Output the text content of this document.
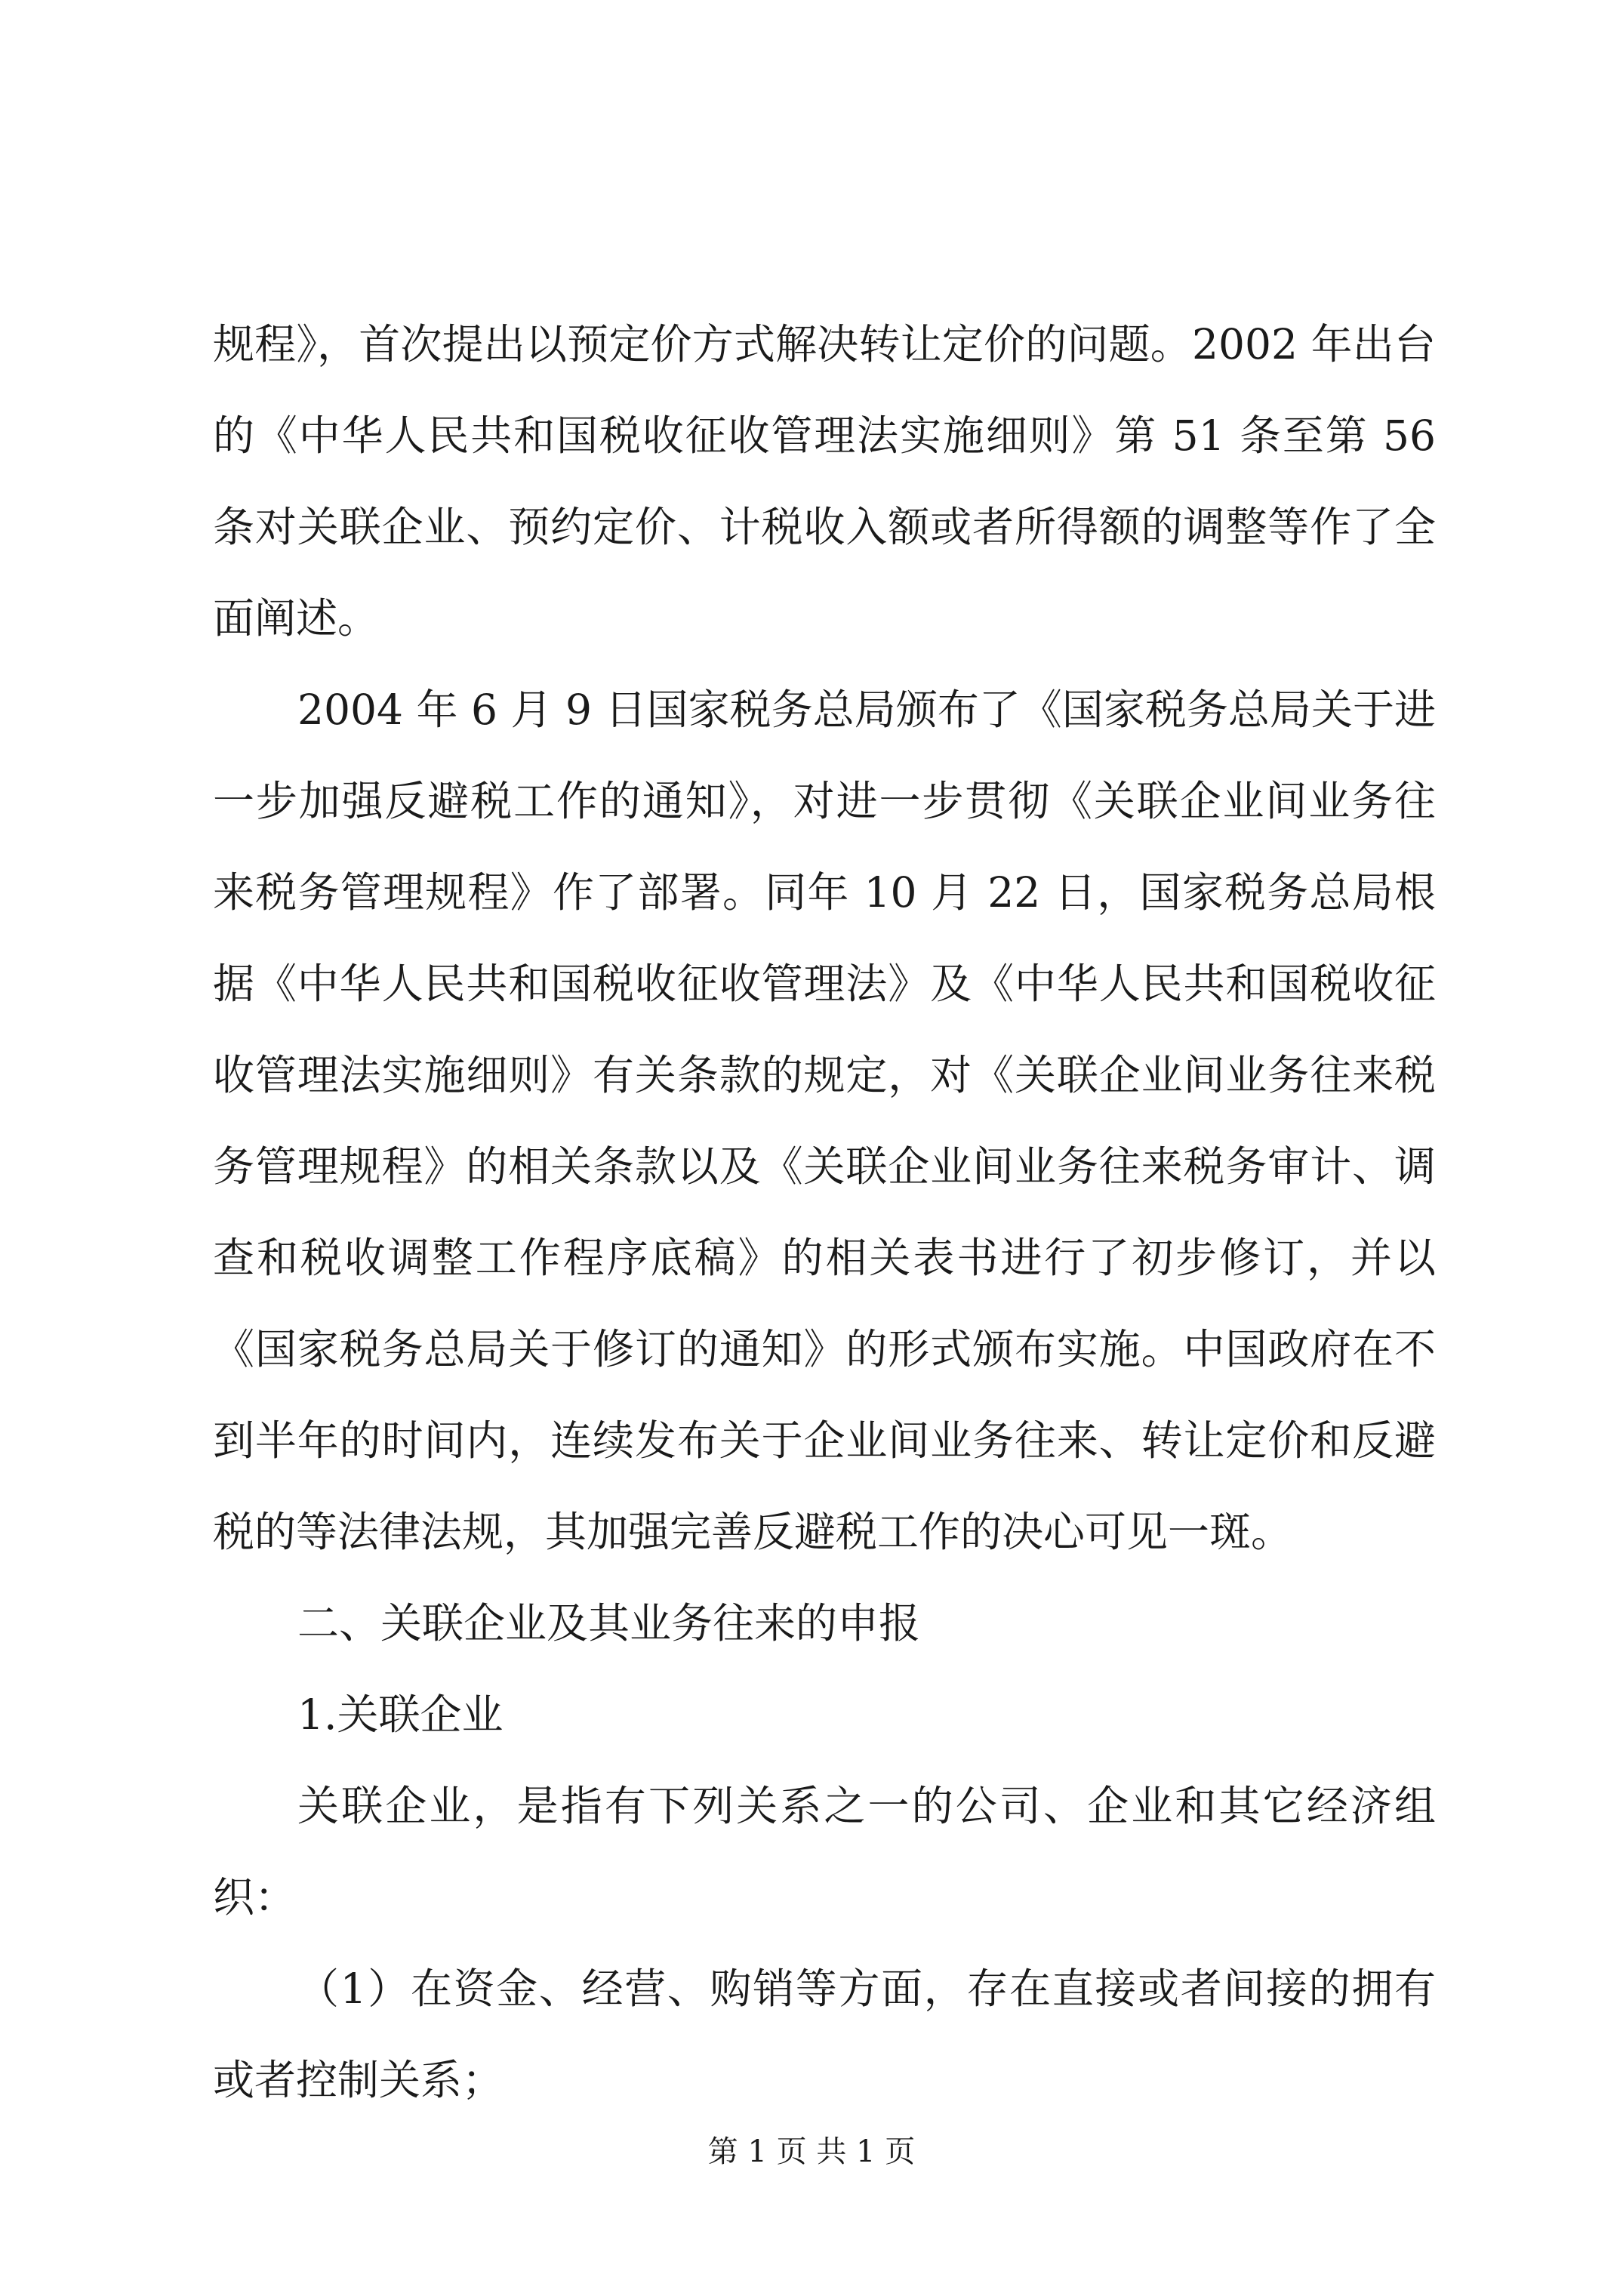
规程》，首次提出以预定价方式解决转让定价的问题。2002 年出台的《中华人民共和国税收征收管理法实施细则》第 51 条至第 56 条对关联企业、预约定价、计税收入额或者所得额的调整等作了全面阐述。

2004 年 6 月 9 日国家税务总局颁布了《国家税务总局关于进一步加强反避税工作的通知》，对进一步贯彻《关联企业间业务往来税务管理规程》作了部署。同年 10 月 22 日，国家税务总局根据《中华人民共和国税收征收管理法》及《中华人民共和国税收征收管理法实施细则》有关条款的规定，对《关联企业间业务往来税务管理规程》的相关条款以及《关联企业间业务往来税务审计、调查和税收调整工作程序底稿》的相关表书进行了初步修订，并以《国家税务总局关于修订的通知》的形式颁布实施。中国政府在不到半年的时间内，连续发布关于企业间业务往来、转让定价和反避税的等法律法规，其加强完善反避税工作的决心可见一斑。

二、关联企业及其业务往来的申报

1.关联企业

关联企业，是指有下列关系之一的公司、企业和其它经济组织：

（1）在资金、经营、购销等方面，存在直接或者间接的拥有或者控制关系；

第 1 页 共 1 页
